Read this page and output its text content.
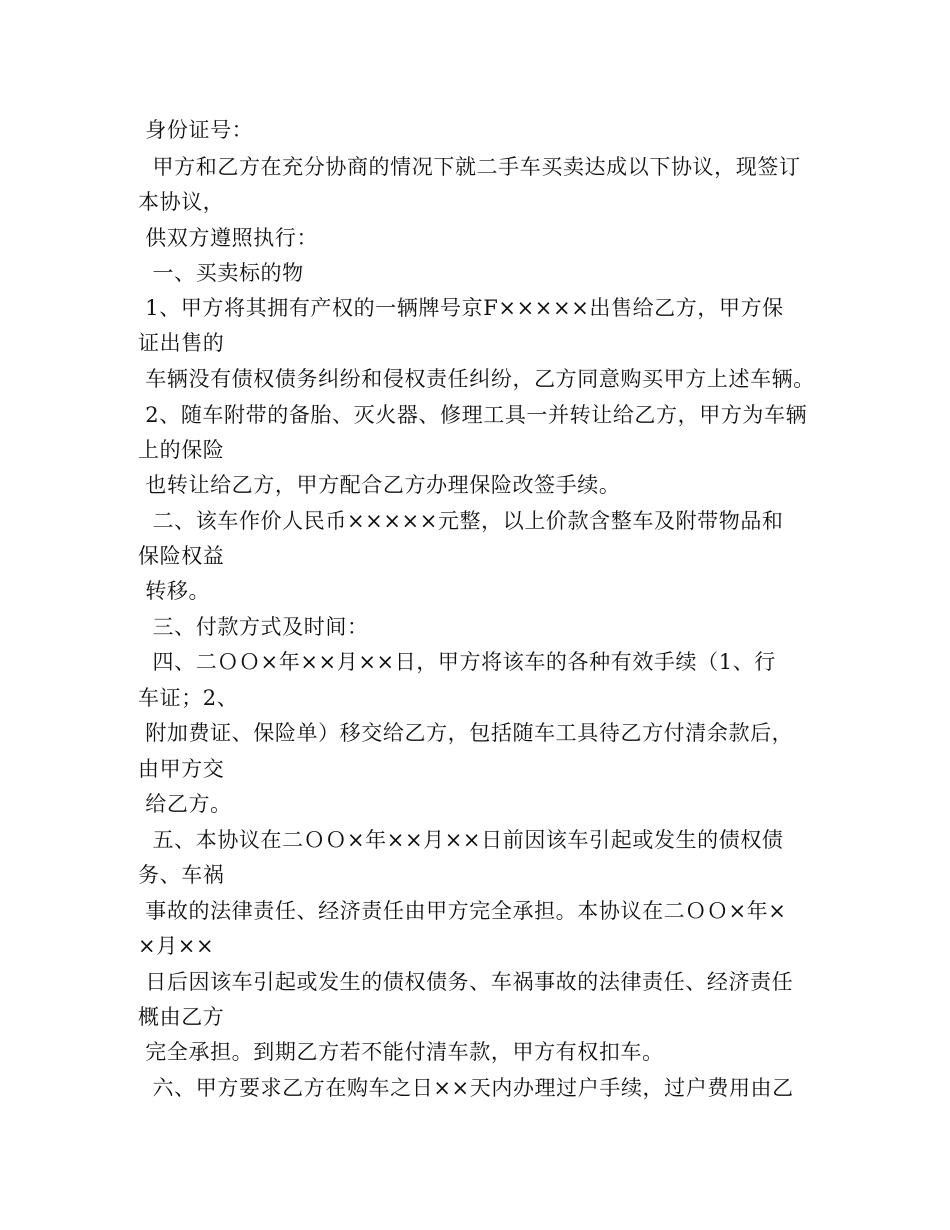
身份证号：
甲方和乙方在充分协商的情况下就二手车买卖达成以下协议，现签订
本协议，
供双方遵照执行：
一、买卖标的物
1、甲方将其拥有产权的一辆牌号京F×××××出售给乙方，甲方保
证出售的
车辆没有债权债务纠纷和侵权责任纠纷，乙方同意购买甲方上述车辆。
2、随车附带的备胎、灭火器、修理工具一并转让给乙方，甲方为车辆
上的保险
也转让给乙方，甲方配合乙方办理保险改签手续。
二、该车作价人民币×××××元整，以上价款含整车及附带物品和
保险权益
转移。
三、付款方式及时间：
四、二ＯＯ×年××月××日，甲方将该车的各种有效手续（1、行
车证；2、
附加费证、保险单）移交给乙方，包括随车工具待乙方付清余款后，
由甲方交
给乙方。
五、本协议在二ＯＯ×年××月××日前因该车引起或发生的债权债
务、车祸
事故的法律责任、经济责任由甲方完全承担。本协议在二ＯＯ×年×
×月××
日后因该车引起或发生的债权债务、车祸事故的法律责任、经济责任
概由乙方
完全承担。到期乙方若不能付清车款，甲方有权扣车。
六、甲方要求乙方在购车之日××天内办理过户手续，过户费用由乙
